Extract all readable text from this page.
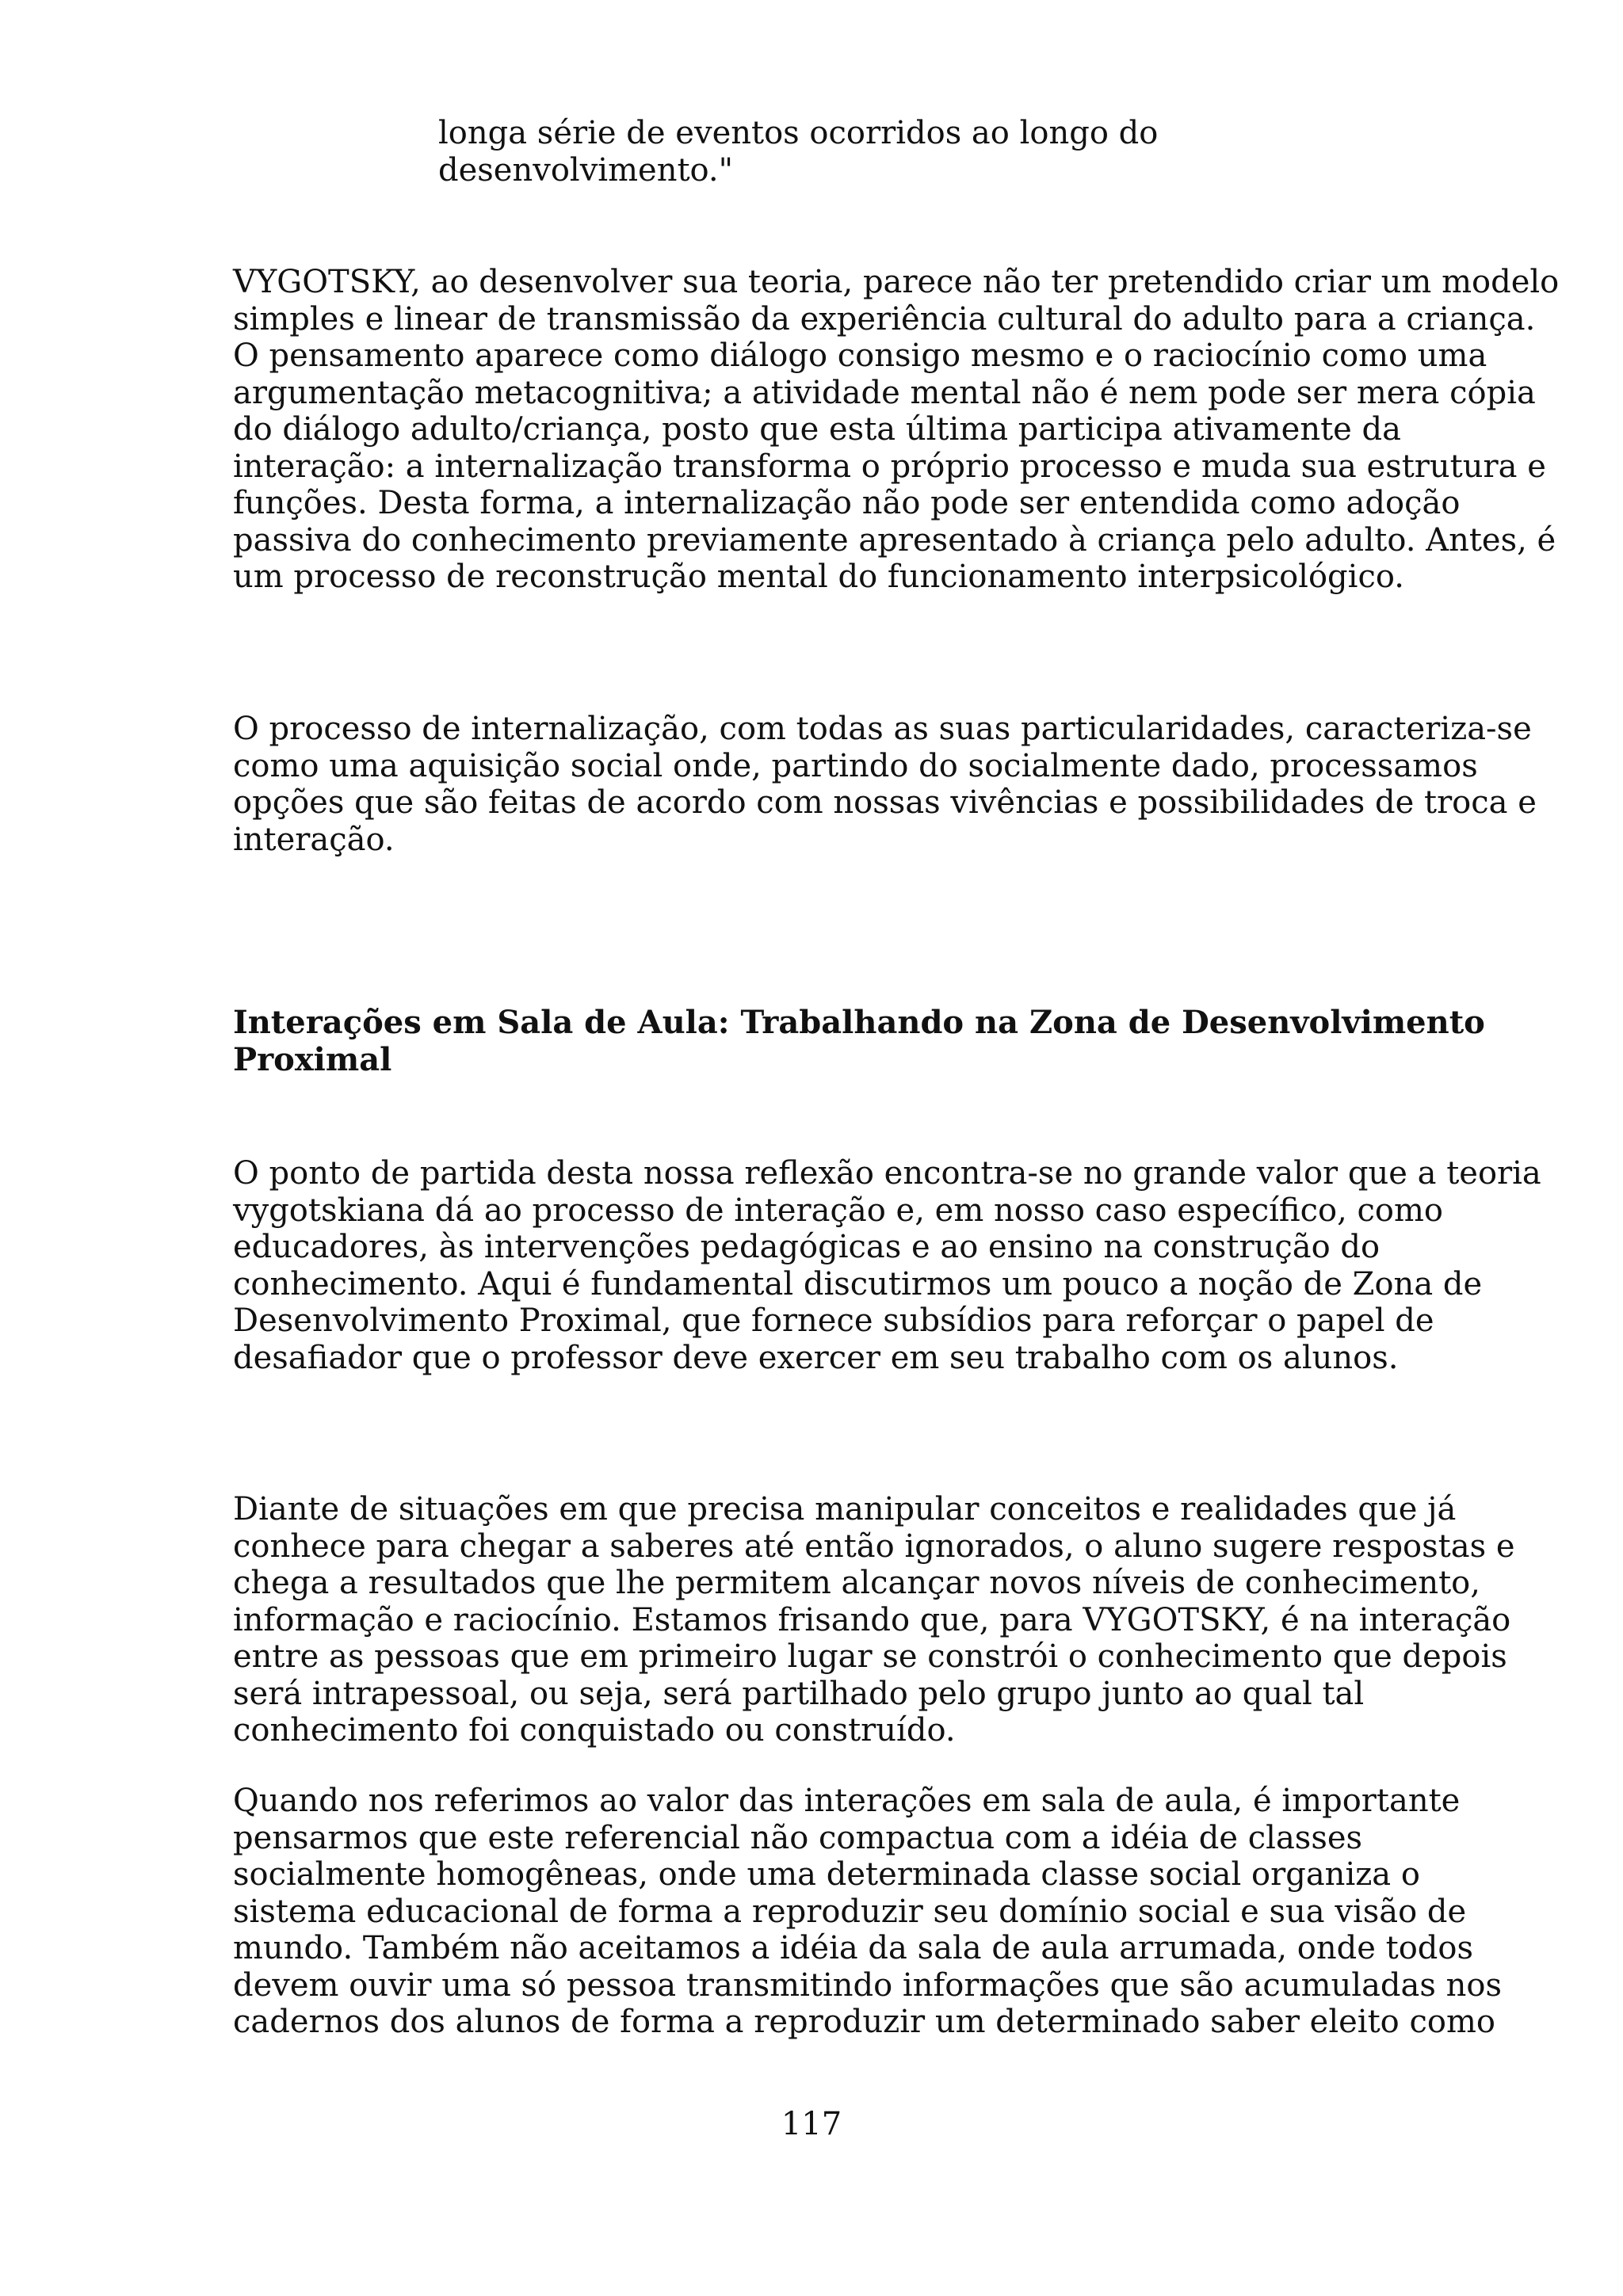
longa série de eventos ocorridos ao longo do
desenvolvimento."
VYGOTSKY, ao desenvolver sua teoria, parece não ter pretendido criar um modelo
simples e linear de transmissão da experiência cultural do adulto para a criança.
O pensamento aparece como diálogo consigo mesmo e o raciocínio como uma
argumentação metacognitiva; a atividade mental não é nem pode ser mera cópia
do diálogo adulto/criança, posto que esta última participa ativamente da
interação: a internalização transforma o próprio processo e muda sua estrutura e
funções. Desta forma, a internalização não pode ser entendida como adoção
passiva do conhecimento previamente apresentado à criança pelo adulto. Antes, é
um processo de reconstrução mental do funcionamento interpsicológico.
O processo de internalização, com todas as suas particularidades, caracteriza-se
como uma aquisição social onde, partindo do socialmente dado, processamos
opções que são feitas de acordo com nossas vivências e possibilidades de troca e
interação.
Interações em Sala de Aula: Trabalhando na Zona de Desenvolvimento
Proximal
O ponto de partida desta nossa reflexão encontra-se no grande valor que a teoria
vygotskiana dá ao processo de interação e, em nosso caso específico, como
educadores, às intervenções pedagógicas e ao ensino na construção do
conhecimento. Aqui é fundamental discutirmos um pouco a noção de Zona de
Desenvolvimento Proximal, que fornece subsídios para reforçar o papel de
desafiador que o professor deve exercer em seu trabalho com os alunos.
Diante de situações em que precisa manipular conceitos e realidades que já
conhece para chegar a saberes até então ignorados, o aluno sugere respostas e
chega a resultados que lhe permitem alcançar novos níveis de conhecimento,
informação e raciocínio. Estamos frisando que, para VYGOTSKY, é na interação
entre as pessoas que em primeiro lugar se constrói o conhecimento que depois
será intrapessoal, ou seja, será partilhado pelo grupo junto ao qual tal
conhecimento foi conquistado ou construído.
Quando nos referimos ao valor das interações em sala de aula, é importante
pensarmos que este referencial não compactua com a idéia de classes
socialmente homogêneas, onde uma determinada classe social organiza o
sistema educacional de forma a reproduzir seu domínio social e sua visão de
mundo. Também não aceitamos a idéia da sala de aula arrumada, onde todos
devem ouvir uma só pessoa transmitindo informações que são acumuladas nos
cadernos dos alunos de forma a reproduzir um determinado saber eleito como
117
